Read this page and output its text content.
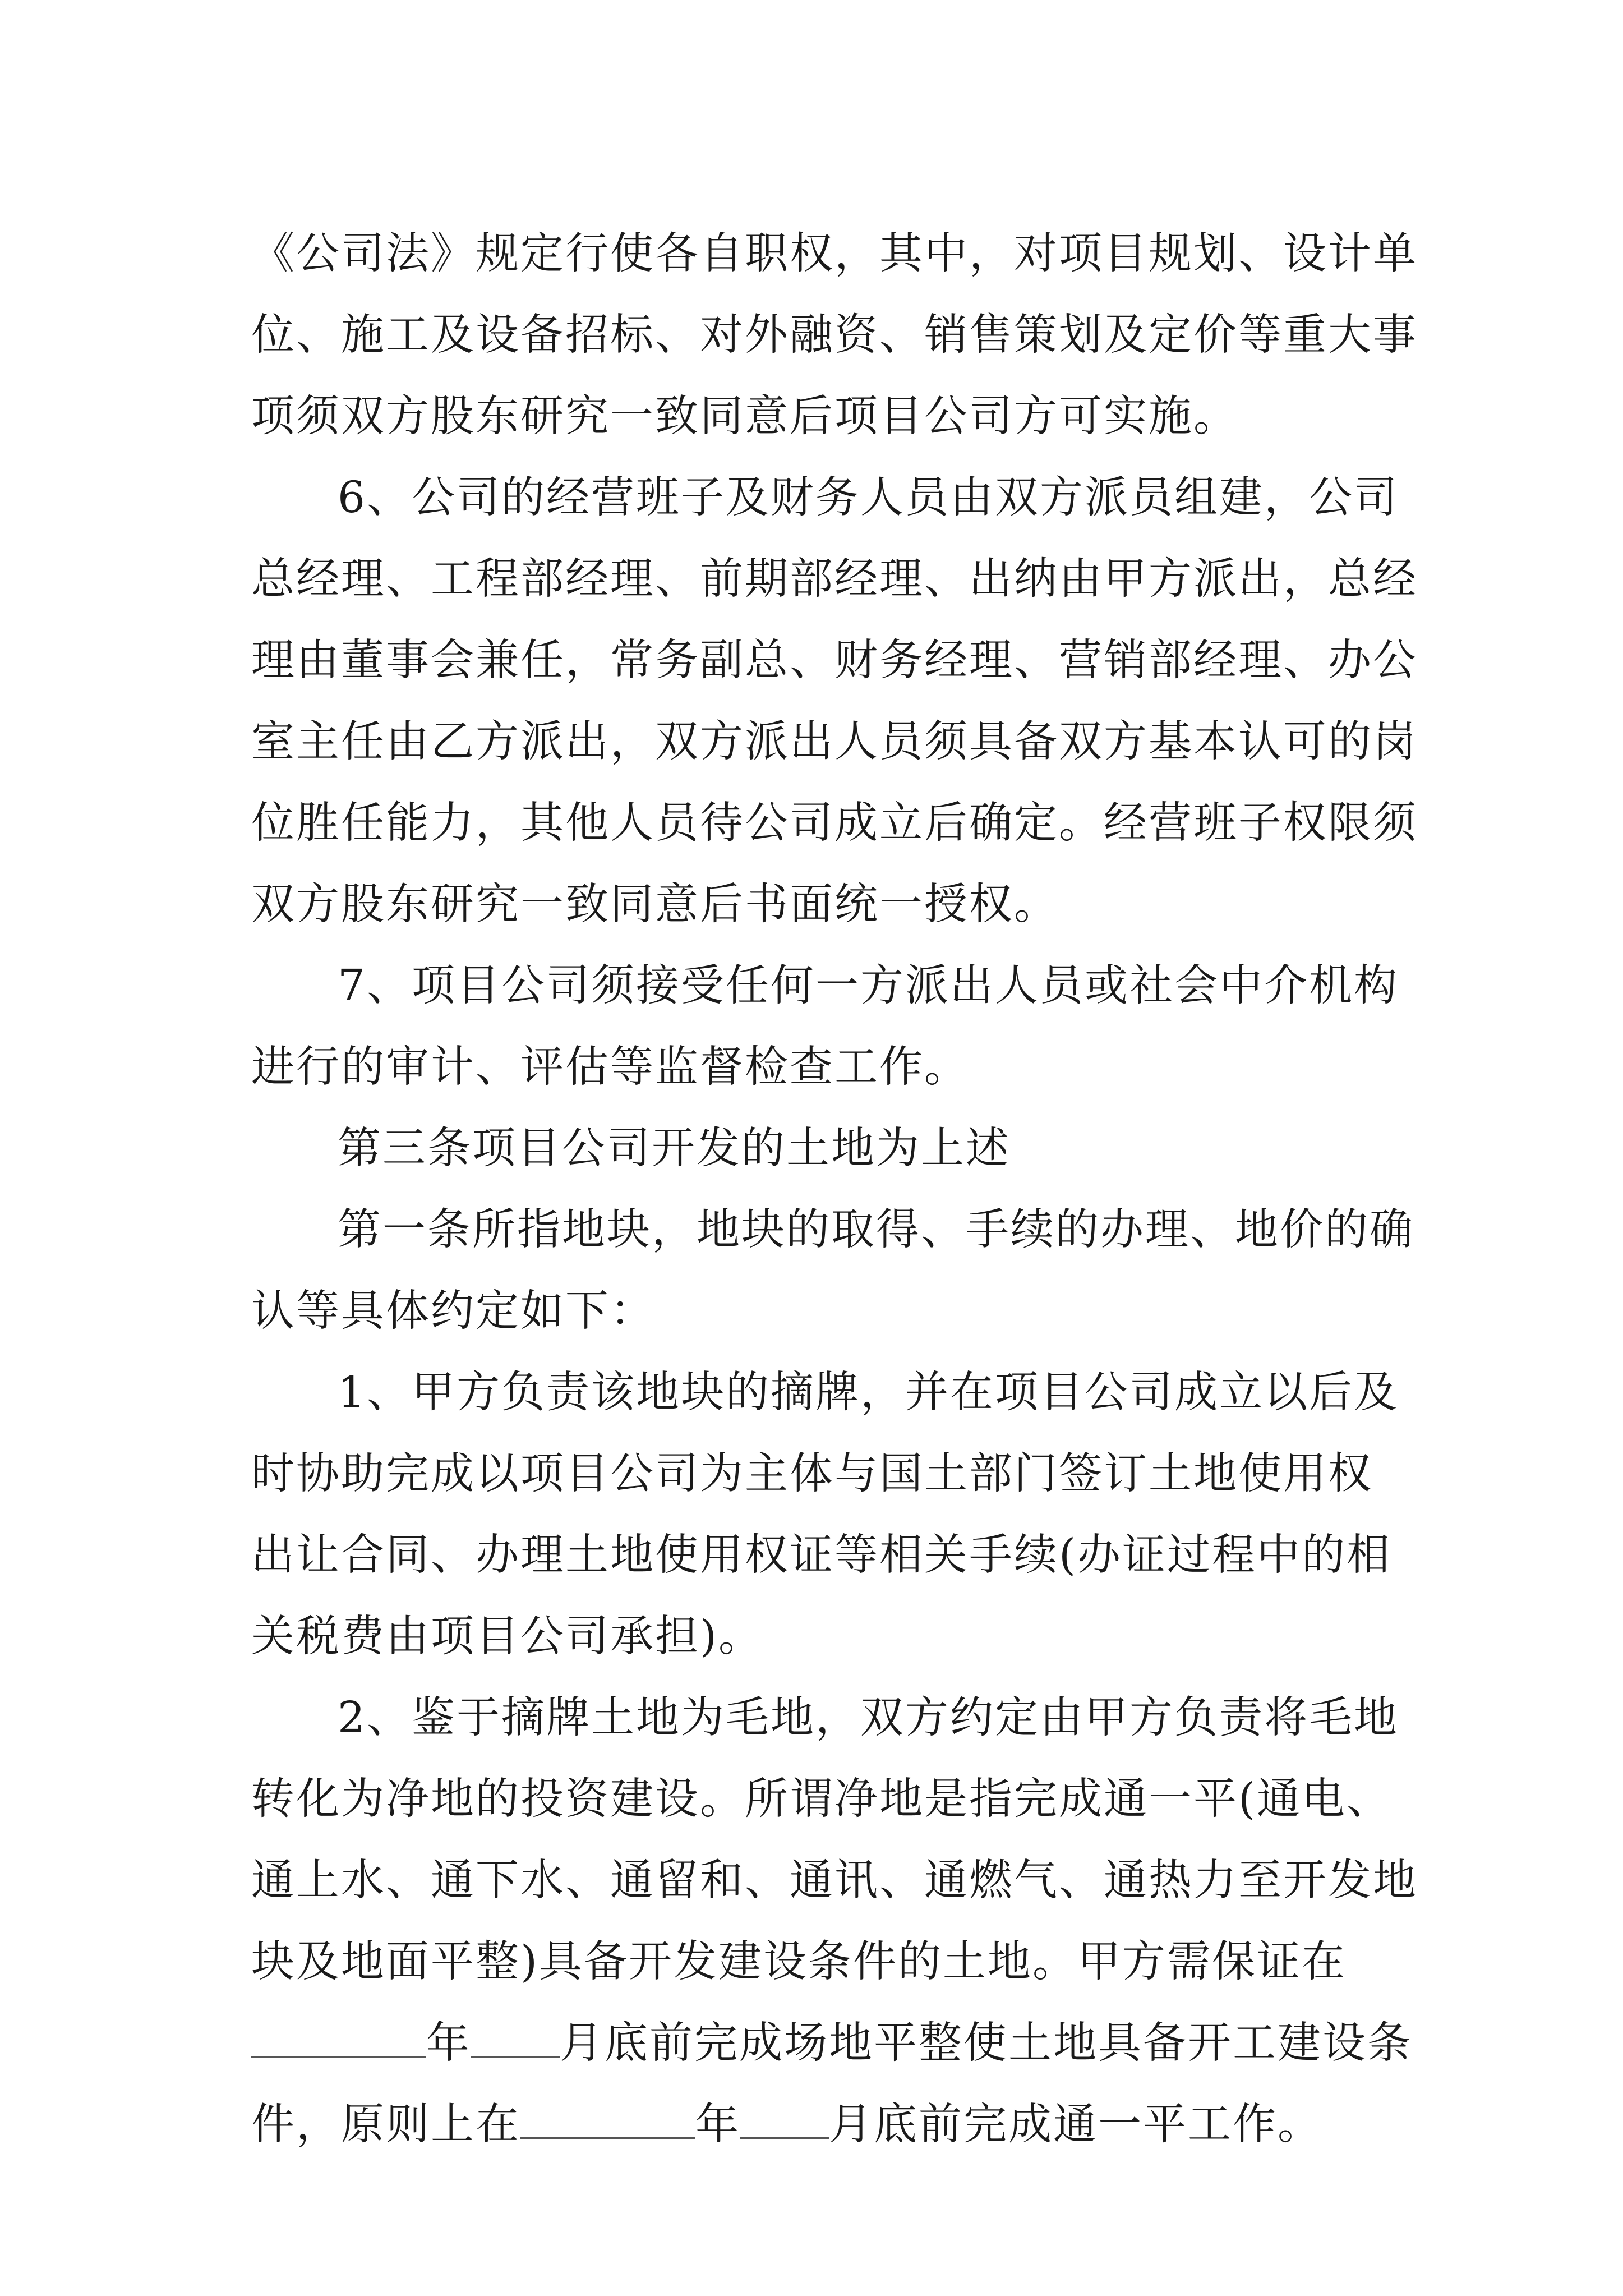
《公司法》规定行使各自职权，其中，对项目规划、设计单
位、施工及设备招标、对外融资、销售策划及定价等重大事
项须双方股东研究一致同意后项目公司方可实施。
6、公司的经营班子及财务人员由双方派员组建，公司
总经理、工程部经理、前期部经理、出纳由甲方派出，总经
理由董事会兼任，常务副总、财务经理、营销部经理、办公
室主任由乙方派出，双方派出人员须具备双方基本认可的岗
位胜任能力，其他人员待公司成立后确定。经营班子权限须
双方股东研究一致同意后书面统一授权。
7、项目公司须接受任何一方派出人员或社会中介机构
进行的审计、评估等监督检查工作。
第三条项目公司开发的土地为上述
第一条所指地块，地块的取得、手续的办理、地价的确
认等具体约定如下：
1、甲方负责该地块的摘牌，并在项目公司成立以后及
时协助完成以项目公司为主体与国土部门签订土地使用权
出让合同、办理土地使用权证等相关手续(办证过程中的相
关税费由项目公司承担)。
2、鉴于摘牌土地为毛地，双方约定由甲方负责将毛地
转化为净地的投资建设。所谓净地是指完成通一平(通电、
通上水、通下水、通留和、通讯、通燃气、通热力至开发地
块及地面平整)具备开发建设条件的土地。甲方需保证在
年 月底前完成场地平整使土地具备开工建设条
件，原则上在	年 月底前完成通一平工作。
